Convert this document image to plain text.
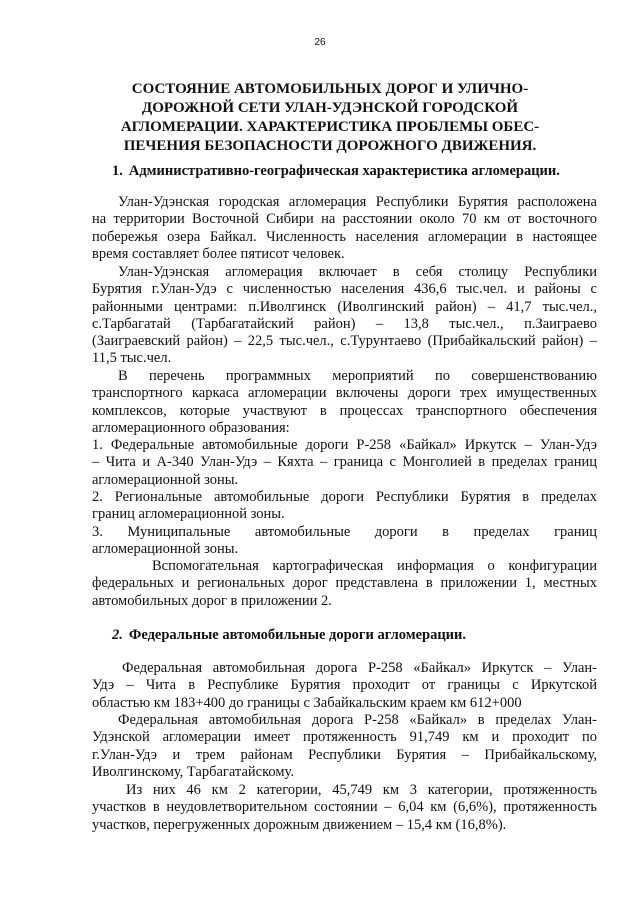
26
СОСТОЯНИЕ АВТОМОБИЛЬНЫХ ДОРОГ И УЛИЧНО-
ДОРОЖНОЙ СЕТИ УЛАН-УДЭНСКОЙ ГОРОДСКОЙ
АГЛОМЕРАЦИИ. ХАРАКТЕРИСТИКА ПРОБЛЕМЫ ОБЕС-
ПЕЧЕНИЯ БЕЗОПАСНОСТИ ДОРОЖНОГО ДВИЖЕНИЯ.
1. Административно-географическая характеристика агломерации.
Улан-Удэнская городская агломерация Республики Бурятия расположена
на территории Восточной Сибири на расстоянии около 70 км от восточного
побережья озера Байкал. Численность населения агломерации в настоящее
время составляет более пятисот человек.
Улан-Удэнская агломерация включает в себя столицу Республики
Бурятия г.Улан-Удэ с численностью населения 436,6 тыс.чел. и районы с
районными центрами: п.Иволгинск (Иволгинский район) – 41,7 тыс.чел.,
с.Тарбагатай (Тарбагатайский район) – 13,8 тыс.чел., п.Заиграево
(Заиграевский район) – 22,5 тыс.чел., с.Турунтаево (Прибайкальский район) –
11,5 тыс.чел.
В перечень программных мероприятий по совершенствованию
транспортного каркаса агломерации включены дороги трех имущественных
комплексов, которые участвуют в процессах транспортного обеспечения
агломерационного образования:
1. Федеральные автомобильные дороги Р-258 «Байкал» Иркутск – Улан-Удэ
– Чита и А-340 Улан-Удэ – Кяхта – граница с Монголией в пределах границ
агломерационной зоны.
2. Региональные автомобильные дороги Республики Бурятия в пределах
границ агломерационной зоны.
3. Муниципальные автомобильные дороги в пределах границ
агломерационной зоны.
Вспомогательная картографическая информация о конфигурации
федеральных и региональных дорог представлена в приложении 1, местных
автомобильных дорог в приложении 2.
2. Федеральные автомобильные дороги агломерации.
Федеральная автомобильная дорога Р-258 «Байкал» Иркутск – Улан-
Удэ – Чита в Республике Бурятия проходит от границы с Иркутской
областью км 183+400 до границы с Забайкальским краем км 612+000
Федеральная автомобильная дорога Р-258 «Байкал» в пределах Улан-
Удэнской агломерации имеет протяженность 91,749 км и проходит по
г.Улан-Удэ и трем районам Республики Бурятия – Прибайкальскому,
Иволгинскому, Тарбагатайскому.
Из них 46 км 2 категории, 45,749 км 3 категории, протяженность
участков в неудовлетворительном состоянии – 6,04 км (6,6%), протяженность
участков, перегруженных дорожным движением – 15,4 км (16,8%).
